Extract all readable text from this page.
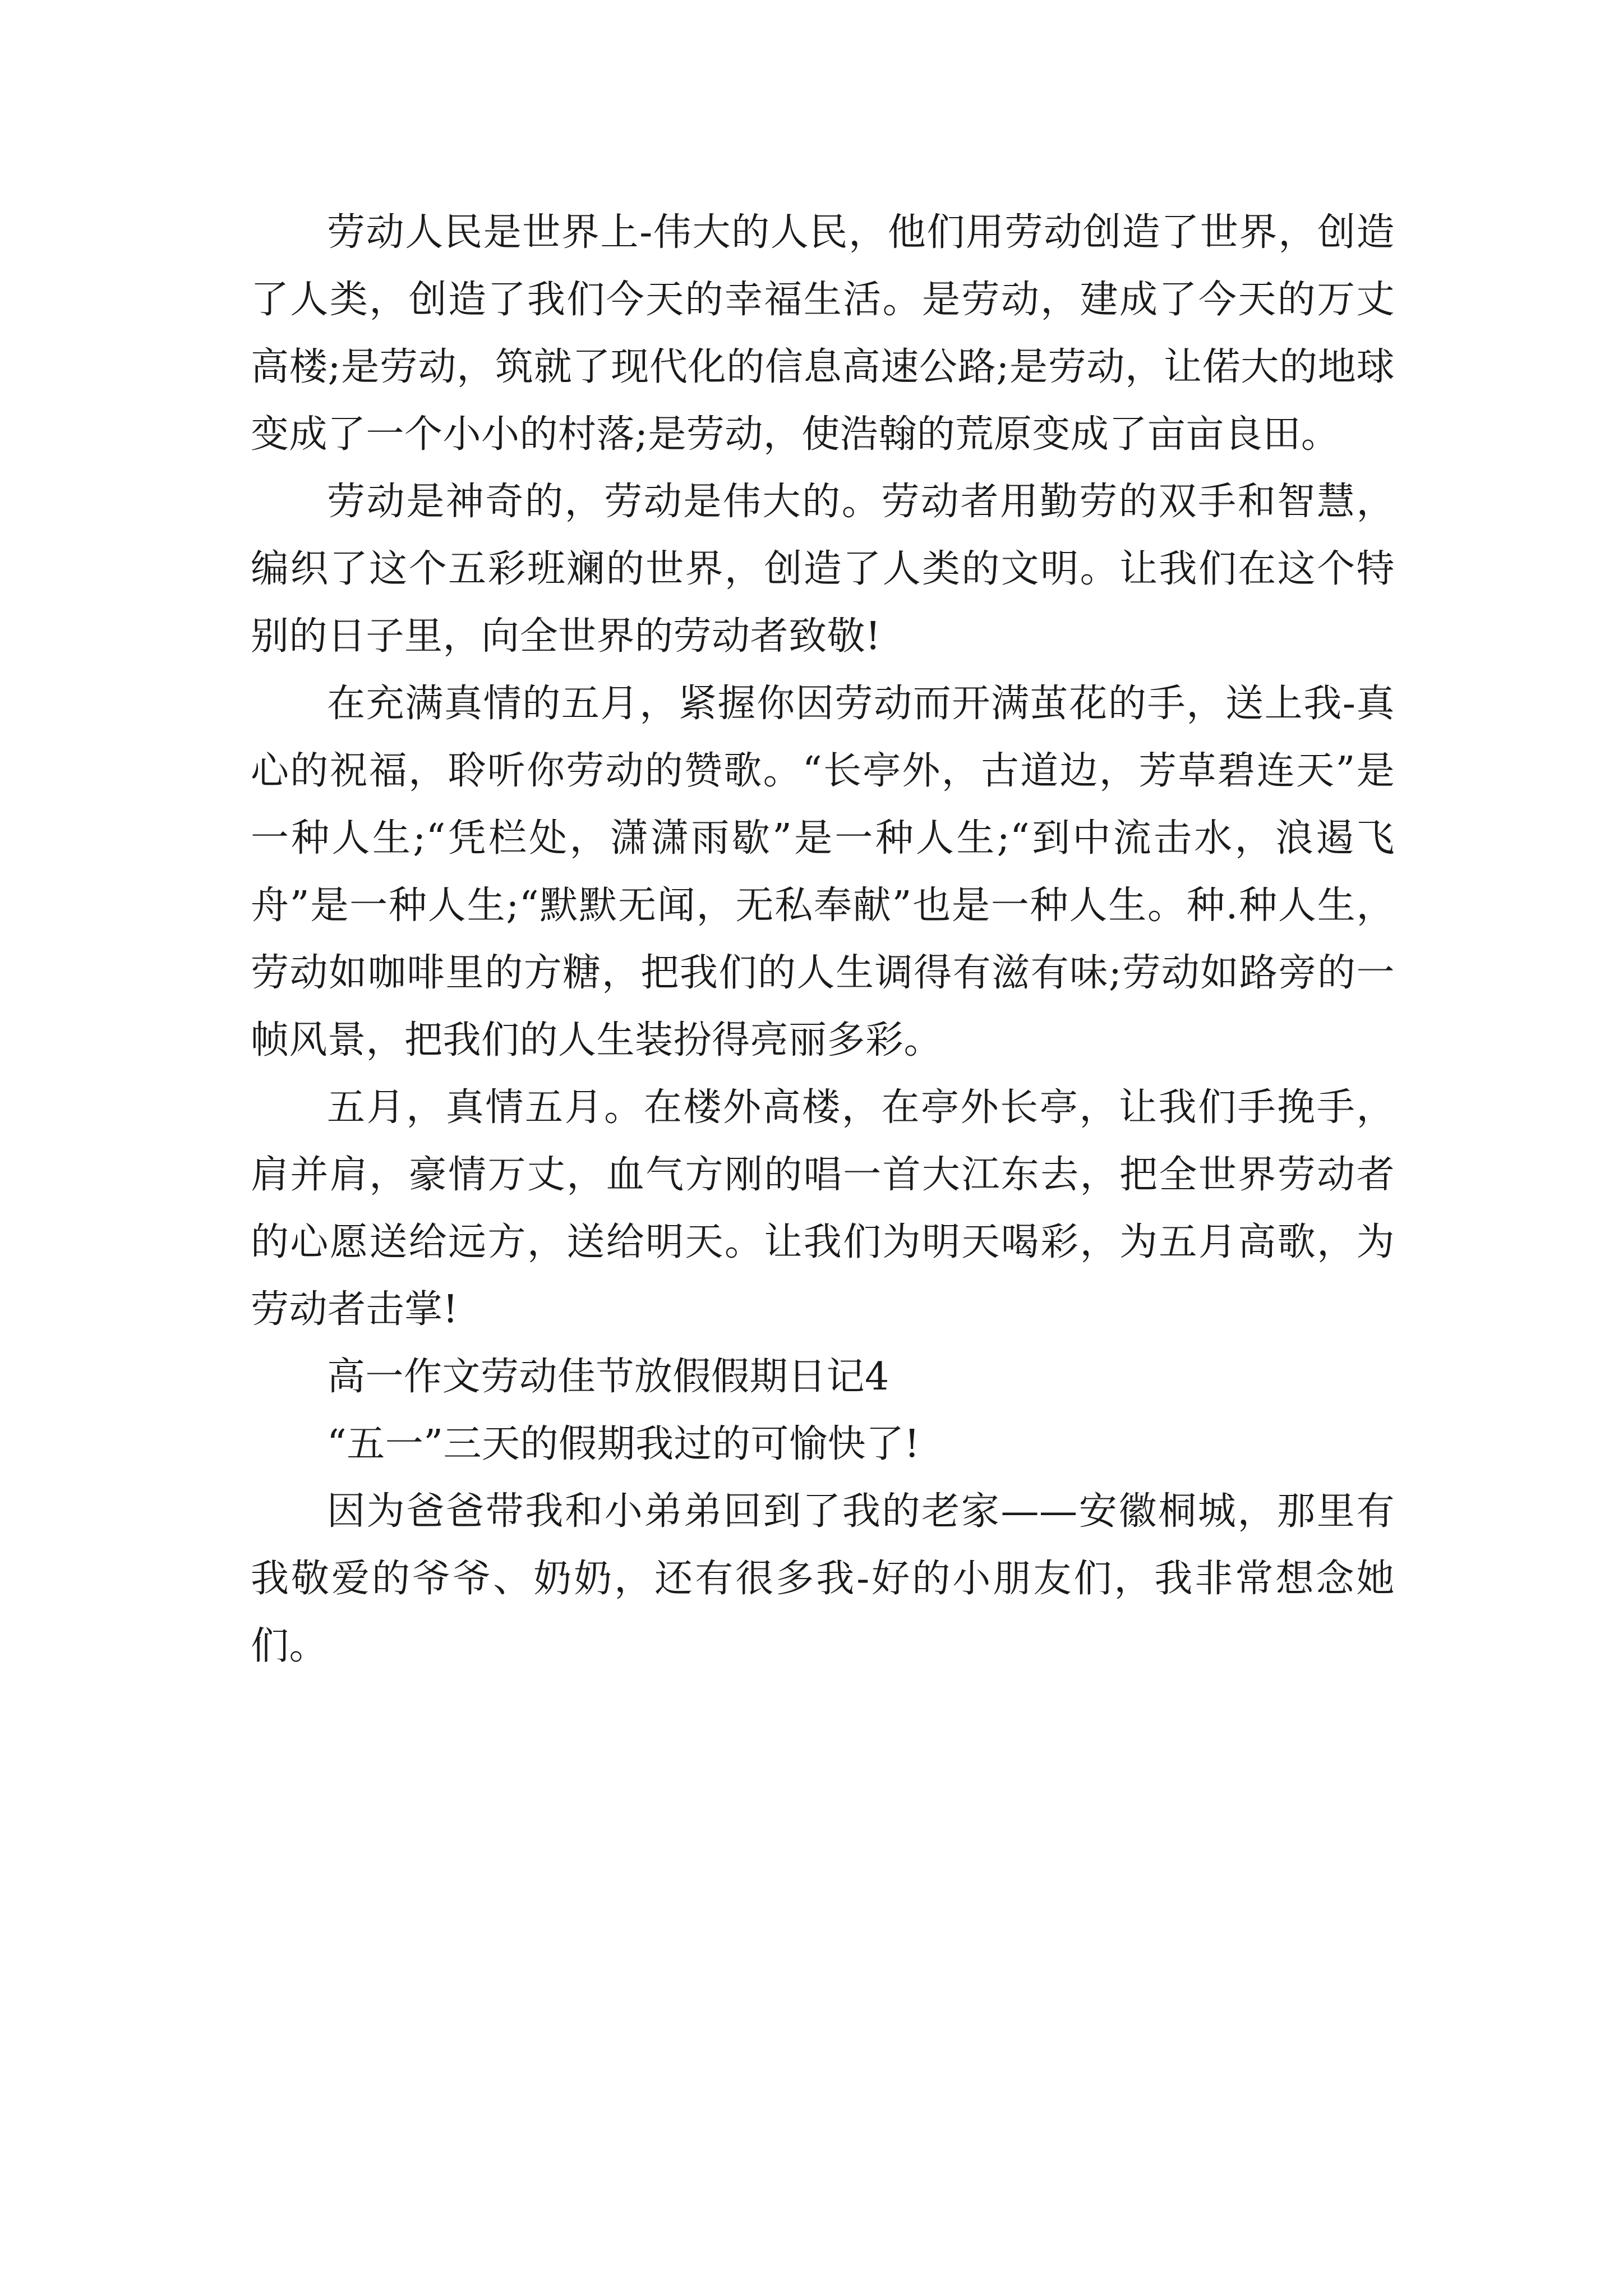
劳动人民是世界上-伟大的人民，他们用劳动创造了世界，创造了人类，创造了我们今天的幸福生活。是劳动，建成了今天的万丈高楼;是劳动，筑就了现代化的信息高速公路;是劳动，让偌大的地球变成了一个小小的村落;是劳动，使浩翰的荒原变成了亩亩良田。

劳动是神奇的，劳动是伟大的。劳动者用勤劳的双手和智慧，编织了这个五彩班斓的世界，创造了人类的文明。让我们在这个特别的日子里，向全世界的劳动者致敬!

在充满真情的五月，紧握你因劳动而开满茧花的手，送上我-真心的祝福，聆听你劳动的赞歌。“长亭外，古道边，芳草碧连天”是一种人生;“凭栏处，潇潇雨歇”是一种人生;“到中流击水，浪遏飞舟”是一种人生;“默默无闻，无私奉献”也是一种人生。种.种人生，劳动如咖啡里的方糖，把我们的人生调得有滋有味;劳动如路旁的一帧风景，把我们的人生装扮得亮丽多彩。

五月，真情五月。在楼外高楼，在亭外长亭，让我们手挽手，肩并肩，豪情万丈，血气方刚的唱一首大江东去，把全世界劳动者的心愿送给远方，送给明天。让我们为明天喝彩，为五月高歌，为劳动者击掌!

高一作文劳动佳节放假假期日记4

“五一”三天的假期我过的可愉快了!

因为爸爸带我和小弟弟回到了我的老家——安徽桐城，那里有我敬爱的爷爷、奶奶，还有很多我-好的小朋友们，我非常想念她们。
